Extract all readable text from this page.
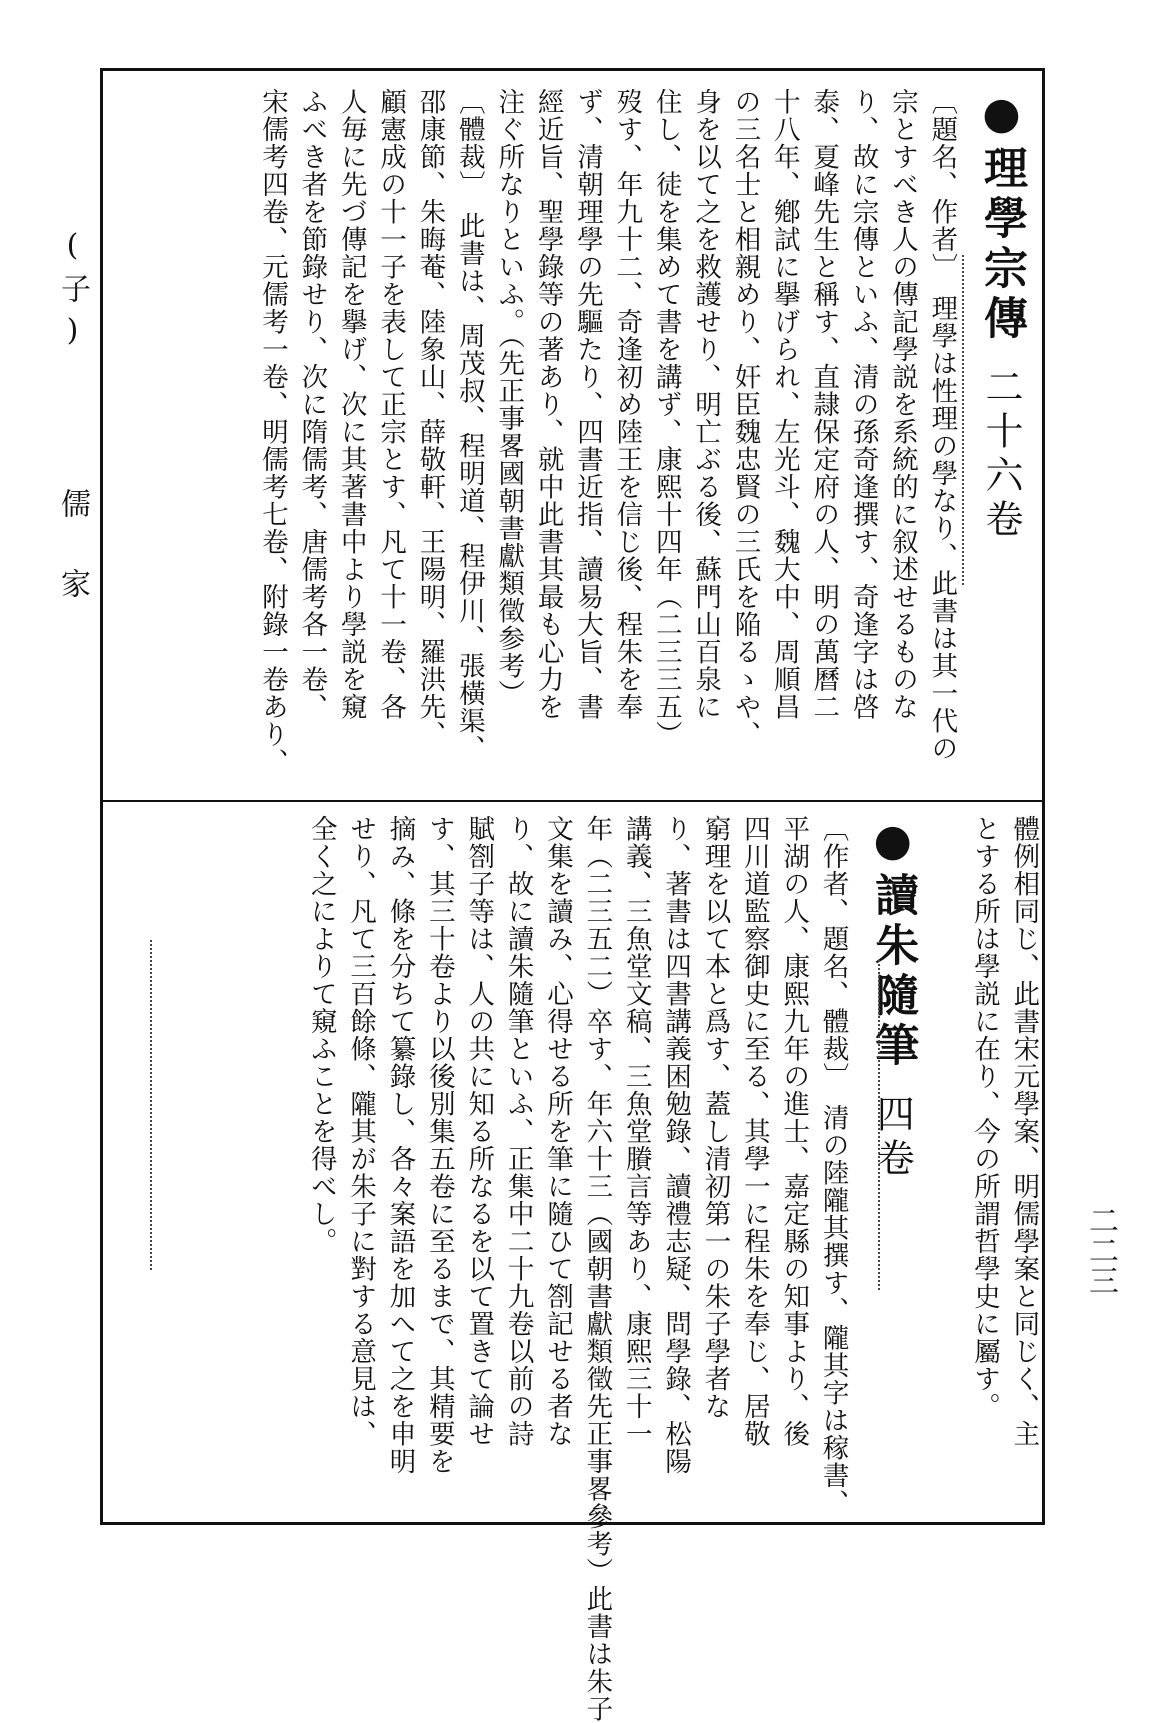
(子)  儒　家
二二三
●理學宗傳二十六卷
〔題名、作者〕　理學は性理の學なり、此書は其一代の
宗とすべき人の傳記學説を系統的に叙述せるものな
り、故に宗傳といふ、清の孫奇逢撰す、奇逢字は啓
泰、夏峰先生と稱す、直隷保定府の人、明の萬曆二
十八年、鄕試に擧げられ、左光斗、魏大中、周順昌
の三名士と相親めり、奸臣魏忠賢の三氏を陥るゝや、
身を以て之を救護せり、明亡ぶる後、蘇門山百泉に
住し、徒を集めて書を講ず、康熙十四年（二三三五）
歿す、年九十二、奇逢初め陸王を信じ後、程朱を奉
ず、清朝理學の先驅たり、四書近指、讀易大旨、書
經近旨、聖學錄等の著あり、就中此書其最も心力を
注ぐ所なりといふ。（先正事畧國朝書獻類徵参考）
〔體裁〕　此書は、周茂叔、程明道、程伊川、張橫渠、
邵康節、朱晦菴、陸象山、薛敬軒、王陽明、羅洪先、
顧憲成の十一子を表して正宗とす、凡て十一卷、各
人毎に先づ傳記を擧げ、次に其著書中より學説を窺
ふべき者を節錄せり、次に隋儒考、唐儒考各一卷、
宋儒考四卷、元儒考一卷、明儒考七卷、附錄一卷あり、
體例相同じ、此書宋元學案、明儒學案と同じく、主
とする所は學説に在り、今の所謂哲學史に屬す。
●讀朱隨筆四卷
〔作者、題名、體裁〕　清の陸隴其撰す、隴其字は稼書、
平湖の人、康熙九年の進士、嘉定縣の知事より、後
四川道監察御史に至る、其學一に程朱を奉じ、居敬
窮理を以て本と爲す、蓋し清初第一の朱子學者な
り、著書は四書講義困勉錄、讀禮志疑、問學錄、松陽
講義、三魚堂文稿、三魚堂賸言等あり、康熙三十一
年（二三五二）卒す、年六十三（國朝書獻類徵先正事畧參考）此書は朱子
文集を讀み、心得せる所を筆に隨ひて劄記せる者な
り、故に讀朱隨筆といふ、正集中二十九卷以前の詩
賦劄子等は、人の共に知る所なるを以て置きて論せ
す、其三十卷より以後別集五卷に至るまで、其精要を
摘み、條を分ちて纂錄し、各々案語を加へて之を申明
せり、凡て三百餘條、隴其が朱子に對する意見は、
全く之によりて窺ふことを得べし。
